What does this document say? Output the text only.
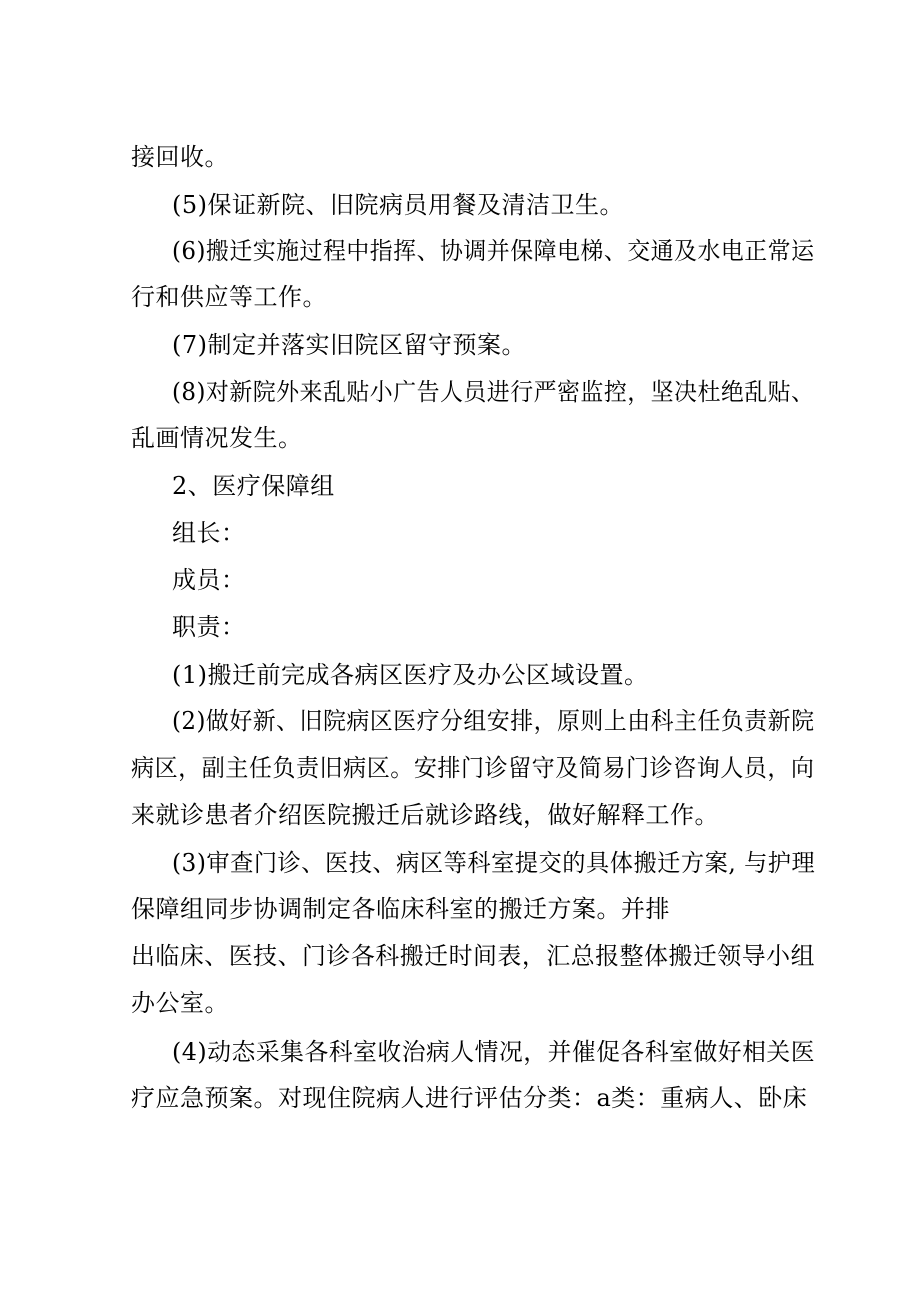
接回收。
(5)保证新院、旧院病员用餐及清洁卫生。
(6)搬迁实施过程中指挥、协调并保障电梯、交通及水电正常运
行和供应等工作。
(7)制定并落实旧院区留守预案。
(8)对新院外来乱贴小广告人员进行严密监控，坚决杜绝乱贴、
乱画情况发生。
2、医疗保障组
组长：
成员：
职责：
(1)搬迁前完成各病区医疗及办公区域设置。
(2)做好新、旧院病区医疗分组安排，原则上由科主任负责新院
病区，副主任负责旧病区。安排门诊留守及简易门诊咨询人员，向
来就诊患者介绍医院搬迁后就诊路线，做好解释工作。
(3)审查门诊、医技、病区等科室提交的具体搬迁方案, 与护理
保障组同步协调制定各临床科室的搬迁方案。并排
出临床、医技、门诊各科搬迁时间表，汇总报整体搬迁领导小组
办公室。
(4)动态采集各科室收治病人情况，并催促各科室做好相关医
疗应急预案。对现住院病人进行评估分类：a类：重病人、卧床
